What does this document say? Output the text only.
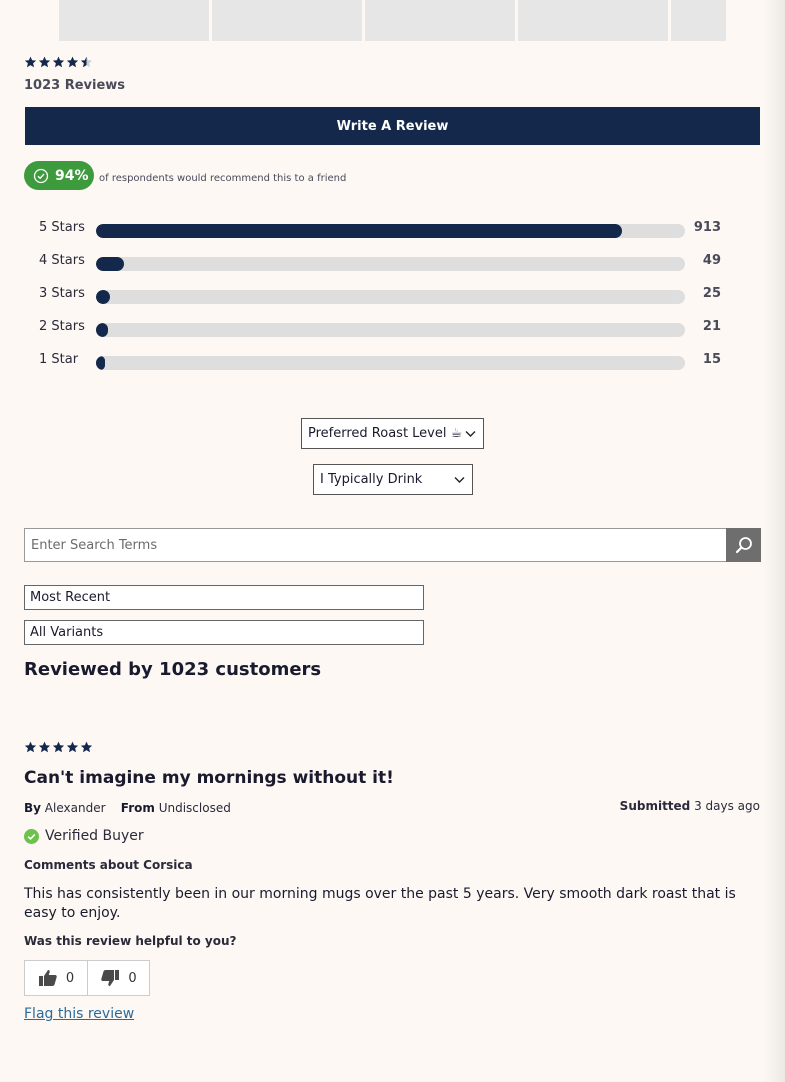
1023 Reviews
Write A Review
94% of respondents would recommend this to a friend
5 Stars	913
4 Stars	49
3 Stars	25
2 Stars	21
1 Star	15
Preferred Roast Level ☕
I Typically Drink
Enter Search Terms
Most Recent
All Variants
Reviewed by 1023 customers
Can't imagine my mornings without it!
By Alexander From Undisclosed	Submitted 3 days ago
Verified Buyer
Comments about Corsica
This has consistently been in our morning mugs over the past 5 years. Very smooth dark roast that is easy to enjoy.
Was this review helpful to you?
0	0
Flag this review
